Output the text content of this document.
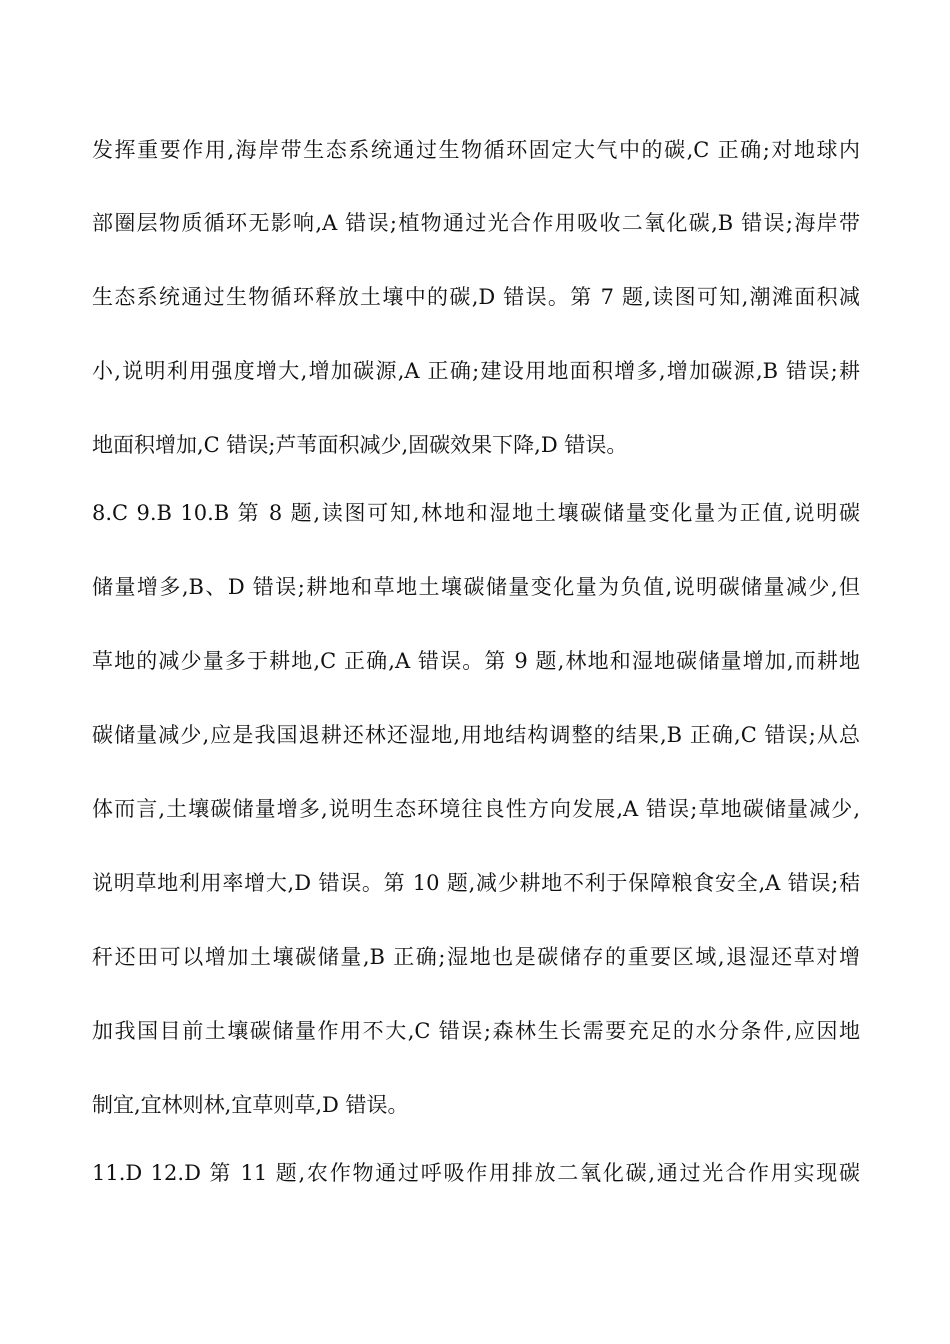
发挥重要作用,海岸带生态系统通过生物循环固定大气中的碳,C 正确;对地球内
部圈层物质循环无影响,A 错误;植物通过光合作用吸收二氧化碳,B 错误;海岸带
生态系统通过生物循环释放土壤中的碳,D 错误。第 7 题,读图可知,潮滩面积减
小,说明利用强度增大,增加碳源,A 正确;建设用地面积增多,增加碳源,B 错误;耕
地面积增加,C 错误;芦苇面积减少,固碳效果下降,D 错误。
8.C 9.B 10.B 第 8 题,读图可知,林地和湿地土壤碳储量变化量为正值,说明碳
储量增多,B、D 错误;耕地和草地土壤碳储量变化量为负值,说明碳储量减少,但
草地的减少量多于耕地,C 正确,A 错误。第 9 题,林地和湿地碳储量增加,而耕地
碳储量减少,应是我国退耕还林还湿地,用地结构调整的结果,B 正确,C 错误;从总
体而言,土壤碳储量增多,说明生态环境往良性方向发展,A 错误;草地碳储量减少,
说明草地利用率增大,D 错误。第 10 题,减少耕地不利于保障粮食安全,A 错误;秸
秆还田可以增加土壤碳储量,B 正确;湿地也是碳储存的重要区域,退湿还草对增
加我国目前土壤碳储量作用不大,C 错误;森林生长需要充足的水分条件,应因地
制宜,宜林则林,宜草则草,D 错误。
11.D 12.D 第 11 题,农作物通过呼吸作用排放二氧化碳,通过光合作用实现碳
